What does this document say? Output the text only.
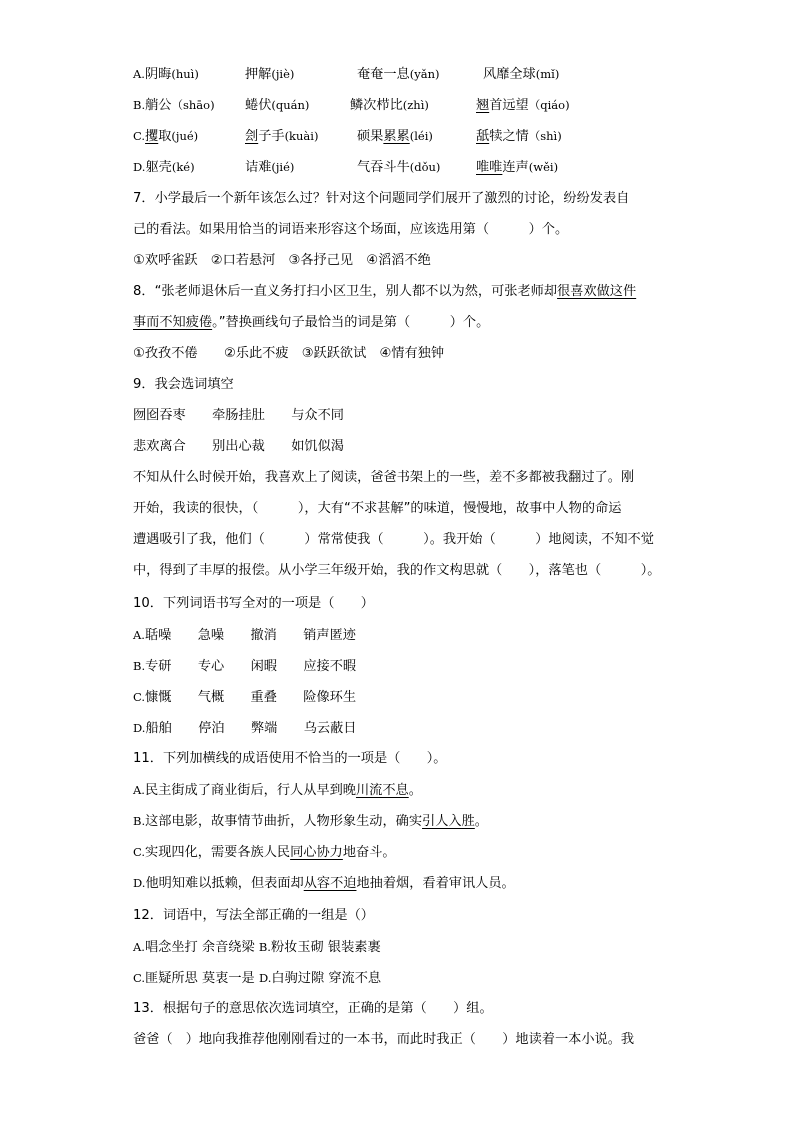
A.阴晦(huì)	押解(jiè)	奄奄一息(yǎn)	风靡全球(mǐ)
B.艄公（shāo) 蜷伏(quán)	鳞次栉比(zhì)	翘首远望（qiáo)
C.攫取(jué)	刽子手(kuài)	硕果累累(léi)	舐犊之情（shì)
D.躯壳(ké)	诘难(jié)	气吞斗牛(dǒu)	唯唯连声(wěi)
7．小学最后一个新年该怎么过？针对这个问题同学们展开了激烈的讨论，纷纷发表自
己的看法。如果用恰当的词语来形容这个场面，应该选用第（　　　）个。
①欢呼雀跃　②口若悬河　③各抒己见　④滔滔不绝
8．“张老师退休后一直义务打扫小区卫生，别人都不以为然，可张老师却很喜欢做这件
事而不知疲倦。”替换画线句子最恰当的词是第（　　　）个。
①孜孜不倦　　②乐此不疲　③跃跃欲试　④情有独钟
9．我会选词填空
囫囵吞枣　　牵肠挂肚　　与众不同
悲欢离合　　别出心裁　　如饥似渴
不知从什么时候开始，我喜欢上了阅读，爸爸书架上的一些，差不多都被我翻过了。刚
开始，我读的很快，（　　　），大有“不求甚解”的味道，慢慢地，故事中人物的命运
遭遇吸引了我，他们（　　　）常常使我（　　　）。我开始（　　　）地阅读，不知不觉
中，得到了丰厚的报偿。从小学三年级开始，我的作文构思就（　　），落笔也（　　　）。
10．下列词语书写全对的一项是（　　）
A.聒噪　　急噪　　撤消　　销声匿迹
B.专研　　专心　　闲暇　　应接不暇
C.慷慨　　气概　　重叠　　险像环生
D.船舶　　停泊　　弊端　　乌云蔽日
11．下列加横线的成语使用不恰当的一项是（　　）。
A.民主街成了商业街后，行人从早到晚川流不息。
B.这部电影，故事情节曲折，人物形象生动，确实引人入胜。
C.实现四化，需要各族人民同心协力地奋斗。
D.他明知难以抵赖，但表面却从容不迫地抽着烟，看着审讯人员。
12．词语中，写法全部正确的一组是（）
A.唱念坐打 余音绕梁 B.粉妆玉砌 银装素裹
C.匪疑所思 莫衷一是 D.白驹过隙 穿流不息
13．根据句子的意思依次选词填空，正确的是第（　　）组。
爸爸（　）地向我推荐他刚刚看过的一本书，而此时我正（　　）地读着一本小说。我
